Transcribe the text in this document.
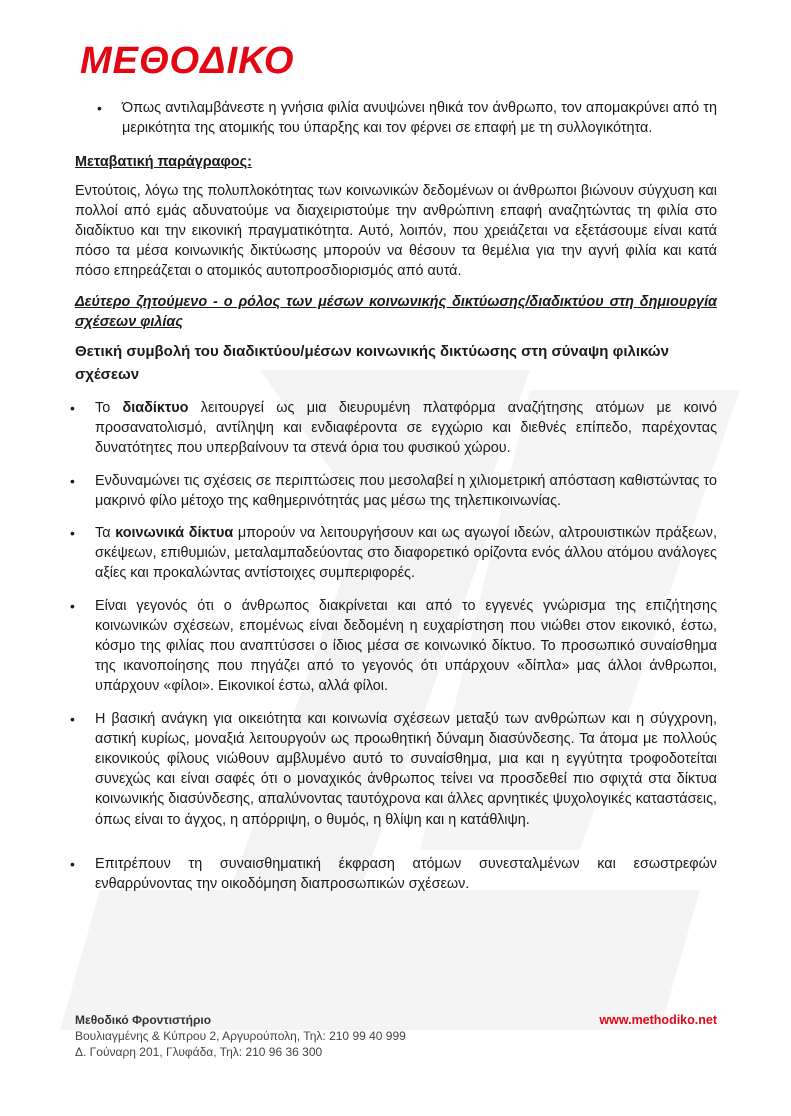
ΜΕΘΟΔΙΚΟ
• Όπως αντιλαμβάνεστε η γνήσια φιλία ανυψώνει ηθικά τον άνθρωπο, τον απομακρύνει από τη μερικότητα της ατομικής του ύπαρξης και τον φέρνει σε επαφή με τη συλλογικότητα.
Μεταβατική παράγραφος:
Εντούτοις, λόγω της πολυπλοκότητας των κοινωνικών δεδομένων οι άνθρωποι βιώνουν σύγχυση και πολλοί από εμάς αδυνατούμε να διαχειριστούμε την ανθρώπινη επαφή αναζητώντας τη φιλία στο διαδίκτυο και την εικονική πραγματικότητα. Αυτό, λοιπόν, που χρειάζεται να εξετάσουμε είναι κατά πόσο τα μέσα κοινωνικής δικτύωσης μπορούν να θέσουν τα θεμέλια για την αγνή φιλία και κατά πόσο επηρεάζεται ο ατομικός αυτοπροσδιορισμός από αυτά.
Δεύτερο ζητούμενο - ο ρόλος των μέσων κοινωνικής δικτύωσης/διαδικτύου στη δημιουργία σχέσεων φιλίας
Θετική συμβολή του διαδικτύου/μέσων κοινωνικής δικτύωσης στη σύναψη φιλικών σχέσεων
• Το διαδίκτυο λειτουργεί ως μια διευρυμένη πλατφόρμα αναζήτησης ατόμων με κοινό προσανατολισμό, αντίληψη και ενδιαφέροντα σε εγχώριο και διεθνές επίπεδο, παρέχοντας δυνατότητες που υπερβαίνουν τα στενά όρια του φυσικού χώρου.
• Ενδυναμώνει τις σχέσεις σε περιπτώσεις που μεσολαβεί η χιλιομετρική απόσταση καθιστώντας το μακρινό φίλο μέτοχο της καθημερινότητάς μας μέσω της τηλεπικοινωνίας.
• Τα κοινωνικά δίκτυα μπορούν να λειτουργήσουν και ως αγωγοί ιδεών, αλτρουιστικών πράξεων, σκέψεων, επιθυμιών, μεταλαμπαδεύοντας στο διαφορετικό ορίζοντα ενός άλλου ατόμου ανάλογες αξίες και προκαλώντας αντίστοιχες συμπεριφορές.
• Είναι γεγονός ότι ο άνθρωπος διακρίνεται και από το εγγενές γνώρισμα της επιζήτησης κοινωνικών σχέσεων, επομένως είναι δεδομένη η ευχαρίστηση που νιώθει στον εικονικό, έστω, κόσμο της φιλίας που αναπτύσσει ο ίδιος μέσα σε κοινωνικό δίκτυο. Το προσωπικό συναίσθημα της ικανοποίησης που πηγάζει από το γεγονός ότι υπάρχουν «δίπλα» μας άλλοι άνθρωποι, υπάρχουν «φίλοι». Εικονικοί έστω, αλλά φίλοι.
• Η βασική ανάγκη για οικειότητα και κοινωνία σχέσεων μεταξύ των ανθρώπων και η σύγχρονη, αστική κυρίως, μοναξιά λειτουργούν ως προωθητική δύναμη διασύνδεσης. Τα άτομα με πολλούς εικονικούς φίλους νιώθουν αμβλυμένο αυτό το συναίσθημα, μια και η εγγύτητα τροφοδοτείται συνεχώς και είναι σαφές ότι ο μοναχικός άνθρωπος τείνει να προσδεθεί πιο σφιχτά στα δίκτυα κοινωνικής διασύνδεσης, απαλύνοντας ταυτόχρονα και άλλες αρνητικές ψυχολογικές καταστάσεις, όπως είναι το άγχος, η απόρριψη, ο θυμός, η θλίψη και η κατάθλιψη.
• Επιτρέπουν τη συναισθηματική έκφραση ατόμων συνεσταλμένων και εσωστρεφών ενθαρρύνοντας την οικοδόμηση διαπροσωπικών σχέσεων.
Μεθοδικό Φροντιστήριο
Βουλιαγμένης & Κύπρου 2, Αργυρούπολη, Τηλ: 210 99 40 999
Δ. Γούναρη 201, Γλυφάδα, Τηλ: 210 96 36 300
www.methodiko.net
